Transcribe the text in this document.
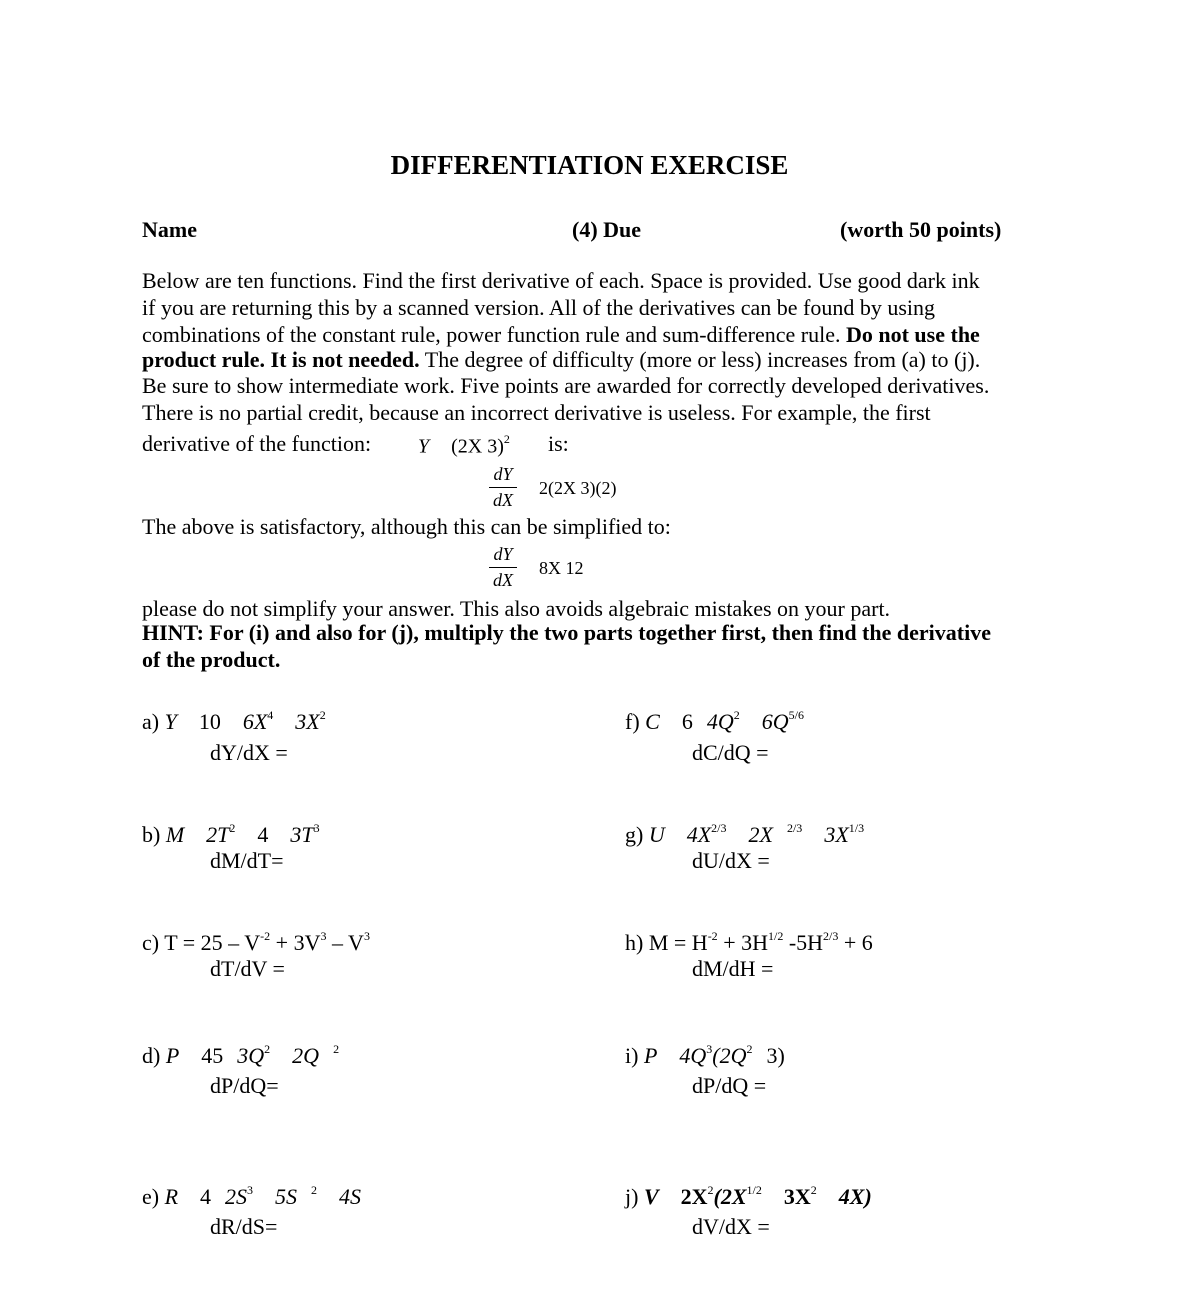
DIFFERENTIATION EXERCISE
Name	(4) Due	(worth 50 points)
Below are ten functions. Find the first derivative of each. Space is provided. Use good dark ink
if you are returning this by a scanned version. All of the derivatives can be found by using
combinations of the constant rule, power function rule and sum-difference rule. Do not use the
product rule. It is not needed. The degree of difficulty (more or less) increases from (a) to (j).
Be sure to show intermediate work. Five points are awarded for correctly developed derivatives.
There is no partial credit, because an incorrect derivative is useless. For example, the first
derivative of the function: Y (2X 3)$^2$ is:
dY
dX
2(2X 3)(2)
The above is satisfactory, although this can be simplified to:
dY
dX
8X 12
please do not simplify your answer. This also avoids algebraic mistakes on your part.
HINT: For (i) and also for (j), multiply the two parts together first, then find the derivative
of the product.
a) Y 10 $6X^4$ $3X^2$
dY/dX =
b) M $2T^2$ 4 $3T^3$
dM/dT=
c) $T = 25 - V^{-2} + 3V^3 - V^3$
dT/dV =
d) P 45 $3Q^2$ 2Q $^2$
dP/dQ=
e) R 4 $2S^3$ 5S $^2$ 4S
dR/dS=
f) C 6 $4Q^2$ $6Q^{5/6}$
dC/dQ =
g) U $4X^{2/3}$ 2X $^{2/3}$ $3X^{1/3}$
dU/dX =
h) $M = H^{-2} + 3H^{1/2}$ $-5H^{2/3} + 6$
dM/dH =
i) P $4Q^3(2Q^2$ 3)
dP/dQ =
j) V $2X^2(2X^{1/2}$ $3X^2$ 4X)
dV/dX =
